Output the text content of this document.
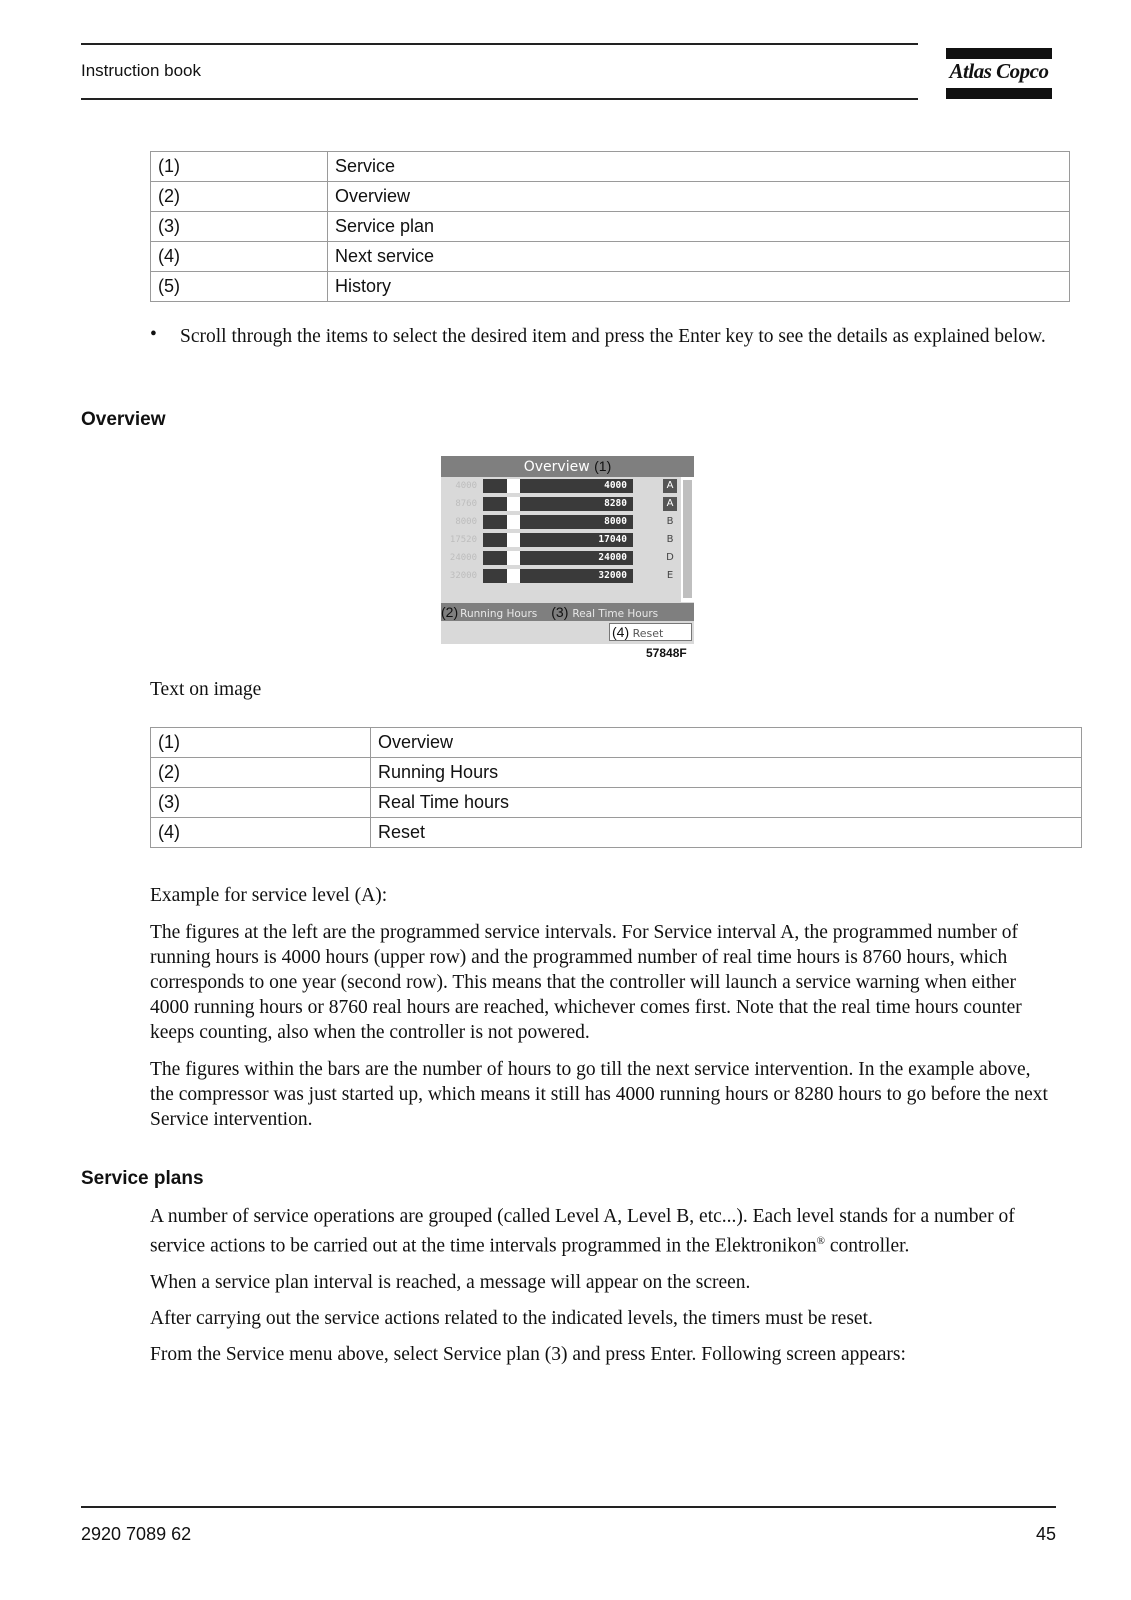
Instruction book	Atlas Copco
(1)	Service
(2)	Overview
(3)	Service plan
(4)	Next service
(5)	History
• Scroll through the items to select the desired item and press the Enter key to see the details as explained below.
Overview
Overview (1)
4000	4000	A
8760	8280	A
8000	8000	B
17520	17040	B
24000	24000	D
32000	32000	E
(2) Running Hours (3) Real Time Hours
(4) Reset
57848F
Text on image
(1)	Overview
(2)	Running Hours
(3)	Real Time hours
(4)	Reset
Example for service level (A):
The figures at the left are the programmed service intervals. For Service interval A, the programmed number of running hours is 4000 hours (upper row) and the programmed number of real time hours is 8760 hours, which corresponds to one year (second row). This means that the controller will launch a service warning when either 4000 running hours or 8760 real hours are reached, whichever comes first. Note that the real time hours counter keeps counting, also when the controller is not powered.
The figures within the bars are the number of hours to go till the next service intervention. In the example above, the compressor was just started up, which means it still has 4000 running hours or 8280 hours to go before the next Service intervention.
Service plans
A number of service operations are grouped (called Level A, Level B, etc...). Each level stands for a number of service actions to be carried out at the time intervals programmed in the Elektronikon® controller.
When a service plan interval is reached, a message will appear on the screen.
After carrying out the service actions related to the indicated levels, the timers must be reset.
From the Service menu above, select Service plan (3) and press Enter. Following screen appears:
2920 7089 62	45
